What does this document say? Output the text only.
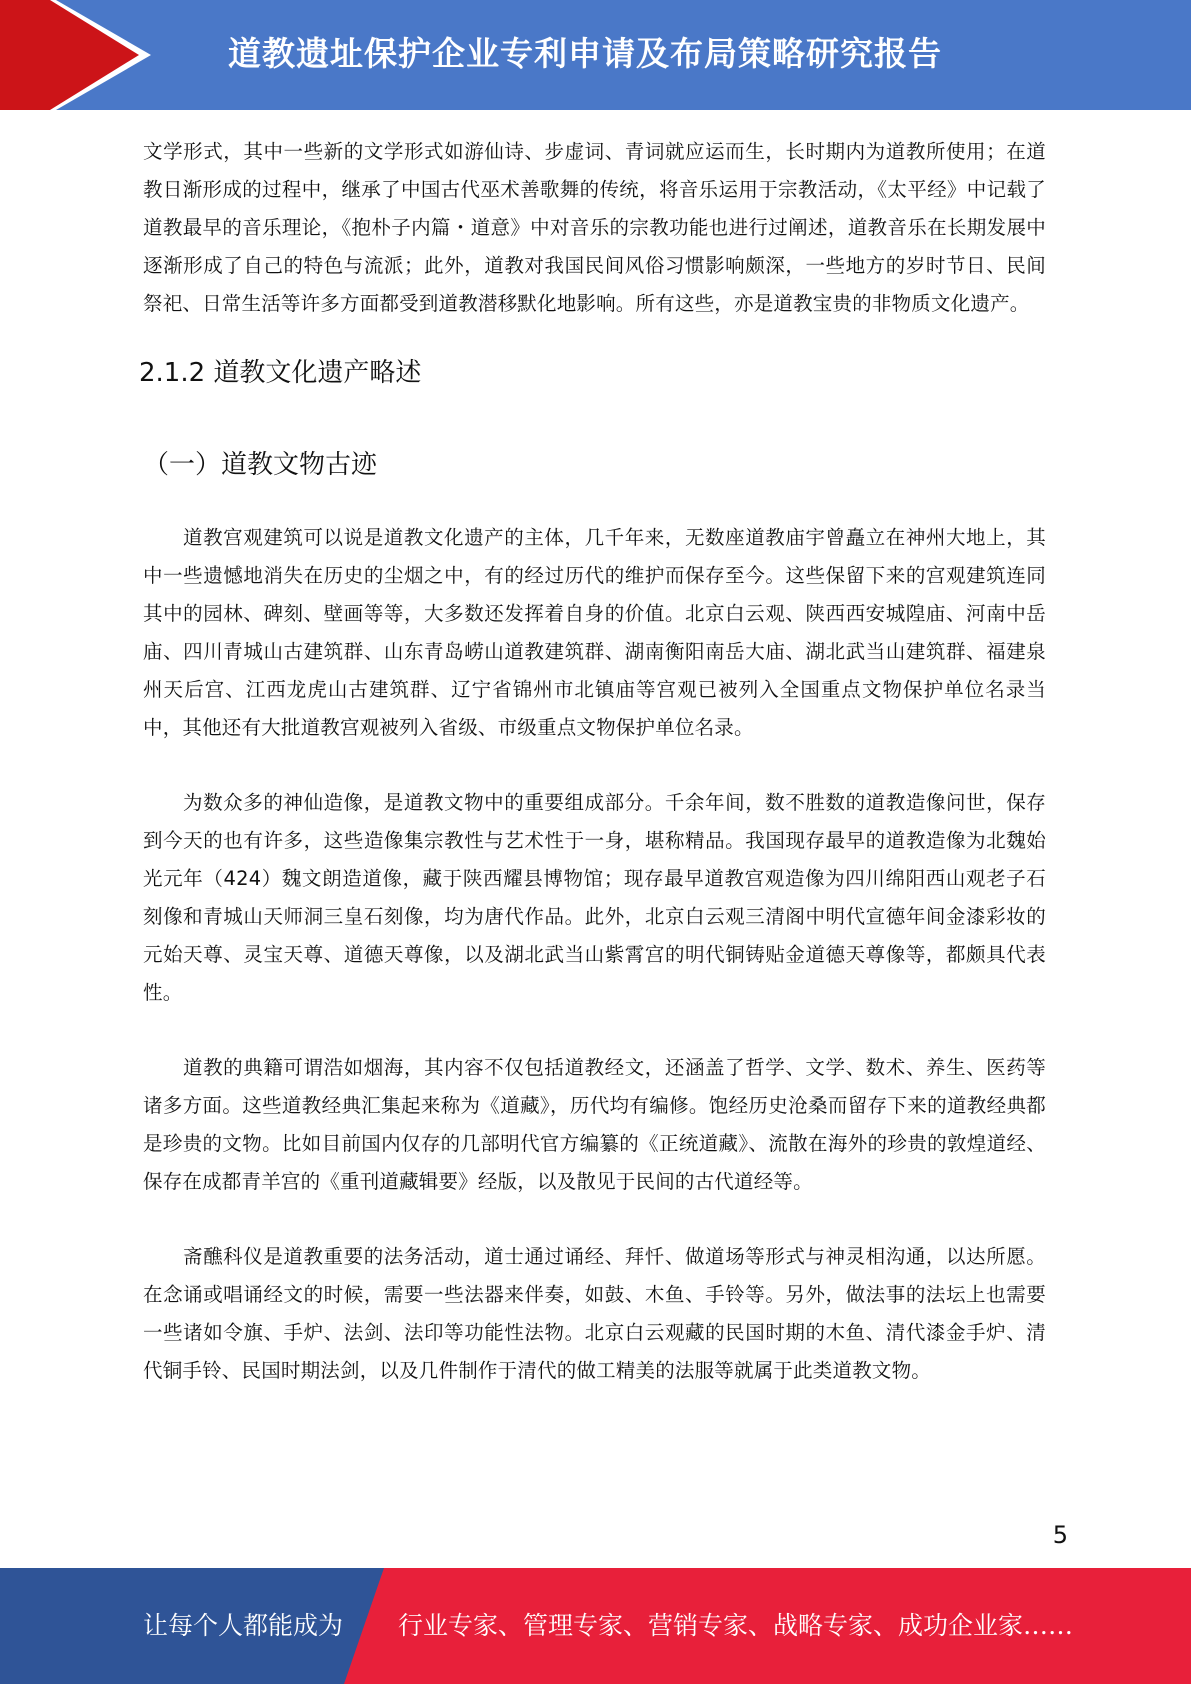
道教遗址保护企业专利申请及布局策略研究报告

文学形式，其中一些新的文学形式如游仙诗、步虚词、青词就应运而生，长时期内为道教所使用；在道教日渐形成的过程中，继承了中国古代巫术善歌舞的传统，将音乐运用于宗教活动，《太平经》中记载了道教最早的音乐理论，《抱朴子内篇・道意》中对音乐的宗教功能也进行过阐述，道教音乐在长期发展中逐渐形成了自己的特色与流派；此外，道教对我国民间风俗习惯影响颇深，一些地方的岁时节日、民间祭祀、日常生活等许多方面都受到道教潜移默化地影响。所有这些，亦是道教宝贵的非物质文化遗产。

2.1.2 道教文化遗产略述
（一）道教文物古迹

道教宫观建筑可以说是道教文化遗产的主体，几千年来，无数座道教庙宇曾矗立在神州大地上，其中一些遗憾地消失在历史的尘烟之中，有的经过历代的维护而保存至今。这些保留下来的宫观建筑连同其中的园林、碑刻、壁画等等，大多数还发挥着自身的价值。北京白云观、陕西西安城隍庙、河南中岳庙、四川青城山古建筑群、山东青岛崂山道教建筑群、湖南衡阳南岳大庙、湖北武当山建筑群、福建泉州天后宫、江西龙虎山古建筑群、辽宁省锦州市北镇庙等宫观已被列入全国重点文物保护单位名录当中，其他还有大批道教宫观被列入省级、市级重点文物保护单位名录。

为数众多的神仙造像，是道教文物中的重要组成部分。千余年间，数不胜数的道教造像问世，保存到今天的也有许多，这些造像集宗教性与艺术性于一身，堪称精品。我国现存最早的道教造像为北魏始光元年（424）魏文朗造道像，藏于陕西耀县博物馆；现存最早道教宫观造像为四川绵阳西山观老子石刻像和青城山天师洞三皇石刻像，均为唐代作品。此外，北京白云观三清阁中明代宣德年间金漆彩妆的元始天尊、灵宝天尊、道德天尊像，以及湖北武当山紫霄宫的明代铜铸贴金道德天尊像等，都颇具代表性。

道教的典籍可谓浩如烟海，其内容不仅包括道教经文，还涵盖了哲学、文学、数术、养生、医药等诸多方面。这些道教经典汇集起来称为《道藏》，历代均有编修。饱经历史沧桑而留存下来的道教经典都是珍贵的文物。比如目前国内仅存的几部明代官方编纂的《正统道藏》、流散在海外的珍贵的敦煌道经、保存在成都青羊宫的《重刊道藏辑要》经版，以及散见于民间的古代道经等。

斋醮科仪是道教重要的法务活动，道士通过诵经、拜忏、做道场等形式与神灵相沟通，以达所愿。在念诵或唱诵经文的时候，需要一些法器来伴奏，如鼓、木鱼、手铃等。另外，做法事的法坛上也需要一些诸如令旗、手炉、法剑、法印等功能性法物。北京白云观藏的民国时期的木鱼、清代漆金手炉、清代铜手铃、民国时期法剑，以及几件制作于清代的做工精美的法服等就属于此类道教文物。

5
让每个人都能成为 行业专家、管理专家、营销专家、战略专家、成功企业家……
